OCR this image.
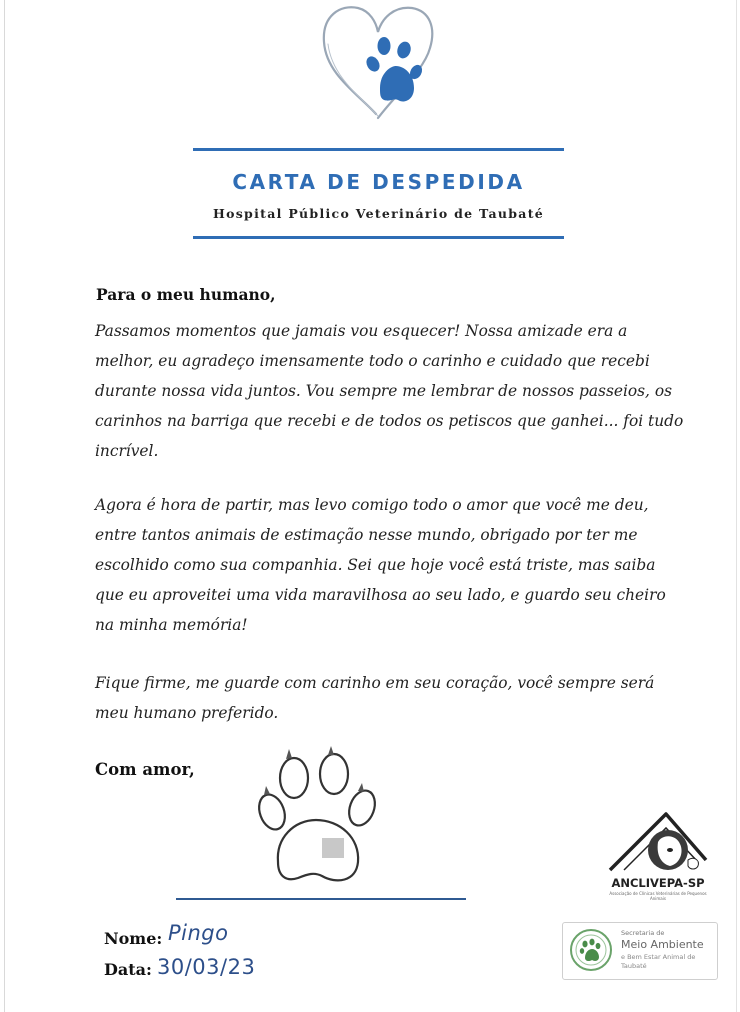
CARTA DE DESPEDIDA
Hospital Público Veterinário de Taubaté
Para o meu humano,

Passamos momentos que jamais vou esquecer! Nossa amizade era a melhor, eu agradeço imensamente todo o carinho e cuidado que recebi durante nossa vida juntos. Vou sempre me lembrar de nossos passeios, os carinhos na barriga que recebi e de todos os petiscos que ganhei... foi tudo incrível.

Agora é hora de partir, mas levo comigo todo o amor que você me deu, entre tantos animais de estimação nesse mundo, obrigado por ter me escolhido como sua companhia. Sei que hoje você está triste, mas saiba que eu aproveitei uma vida maravilhosa ao seu lado, e guardo seu cheiro na minha memória!

Fique firme, me guarde com carinho em seu coração, você sempre será meu humano preferido.

Com amor,
Nome: Pingo
Data: 30/03/23
ANCLIVEPA-SP
Associação de Clínicas Veterinárias de Pequenos Animais
Secretaria de
Meio Ambiente
e Bem Estar Animal de Taubaté
